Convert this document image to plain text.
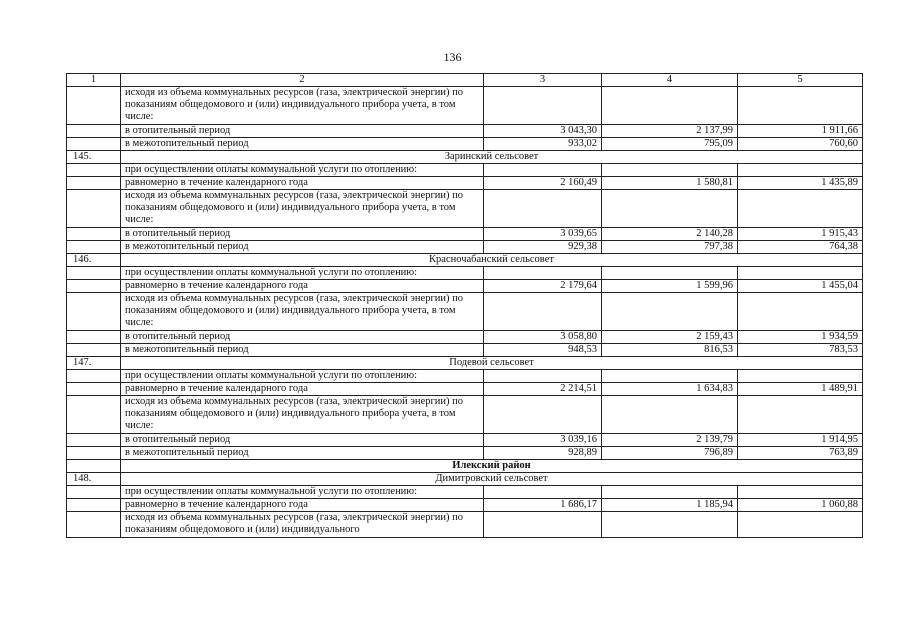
136
1	2	3	4	5
	исходя из объема коммунальных ресурсов (газа, электрической энергии) по показаниям общедомового и (или) индивидуального прибора учета, в том числе:			
	в отопительный период	3 043,30	2 137,99	1 911,66
	в межотопительный период	933,02	795,09	760,60
145.	Заринский сельсовет			
	при осуществлении оплаты коммунальной услуги по отоплению:			
	равномерно в течение календарного года	2 160,49	1 580,81	1 435,89
	исходя из объема коммунальных ресурсов (газа, электрической энергии) по показаниям общедомового и (или) индивидуального прибора учета, в том числе:			
	в отопительный период	3 039,65	2 140,28	1 915,43
	в межотопительный период	929,38	797,38	764,38
146.	Красночабанский сельсовет			
	при осуществлении оплаты коммунальной услуги по отоплению:			
	равномерно в течение календарного года	2 179,64	1 599,96	1 455,04
	исходя из объема коммунальных ресурсов (газа, электрической энергии) по показаниям общедомового и (или) индивидуального прибора учета, в том числе:			
	в отопительный период	3 058,80	2 159,43	1 934,59
	в межотопительный период	948,53	816,53	783,53
147.	Подевой сельсовет			
	при осуществлении оплаты коммунальной услуги по отоплению:			
	равномерно в течение календарного года	2 214,51	1 634,83	1 489,91
	исходя из объема коммунальных ресурсов (газа, электрической энергии) по показаниям общедомового и (или) индивидуального прибора учета, в том числе:			
	в отопительный период	3 039,16	2 139,79	1 914,95
	в межотопительный период	928,89	796,89	763,89
	Илекский район			
148.	Димитровский сельсовет			
	при осуществлении оплаты коммунальной услуги по отоплению:			
	равномерно в течение календарного года	1 686,17	1 185,94	1 060,88
	исходя из объема коммунальных ресурсов (газа, электрической энергии) по показаниям общедомового и (или) индивидуального			
